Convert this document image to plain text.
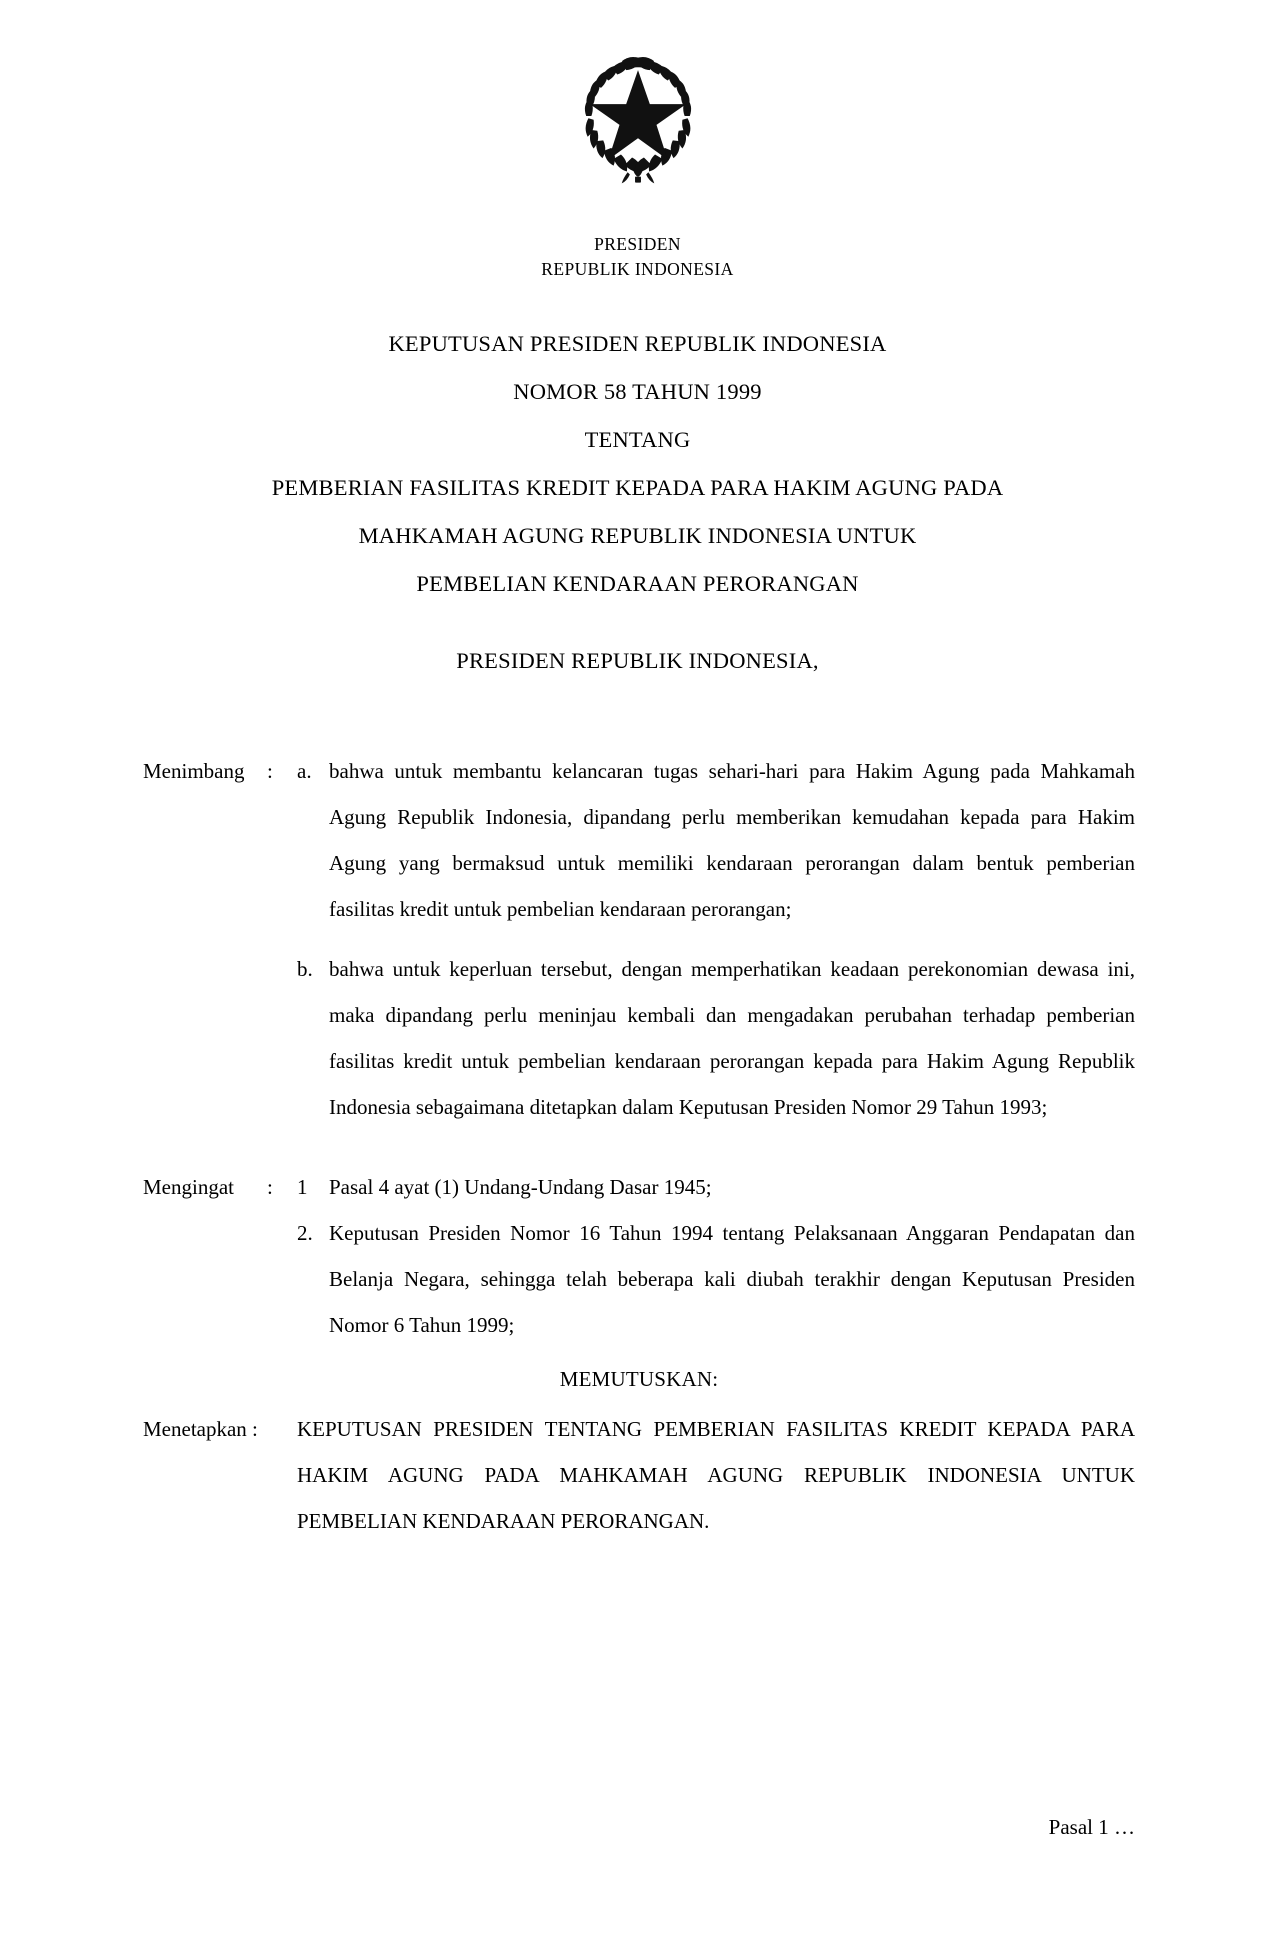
PRESIDEN
REPUBLIK INDONESIA
KEPUTUSAN PRESIDEN REPUBLIK INDONESIA
NOMOR 58 TAHUN 1999
TENTANG
PEMBERIAN FASILITAS KREDIT KEPADA PARA HAKIM AGUNG PADA
MAHKAMAH AGUNG REPUBLIK INDONESIA UNTUK
PEMBELIAN KENDARAAN PERORANGAN
PRESIDEN REPUBLIK INDONESIA,
Menimbang	:	a. bahwa untuk membantu kelancaran tugas sehari-hari para Hakim Agung pada Mahkamah Agung Republik Indonesia, dipandang perlu memberikan kemudahan kepada para Hakim Agung yang bermaksud untuk memiliki kendaraan perorangan dalam bentuk pemberian fasilitas kredit untuk pembelian kendaraan perorangan;
b. bahwa untuk keperluan tersebut, dengan memperhatikan keadaan perekonomian dewasa ini, maka dipandang perlu meninjau kembali dan mengadakan perubahan terhadap pemberian fasilitas kredit untuk pembelian kendaraan perorangan kepada para Hakim Agung Republik Indonesia sebagaimana ditetapkan dalam Keputusan Presiden Nomor 29 Tahun 1993;
Mengingat	:	1	Pasal 4 ayat (1) Undang-Undang Dasar 1945;
2. Keputusan Presiden Nomor 16 Tahun 1994 tentang Pelaksanaan Anggaran Pendapatan dan Belanja Negara, sehingga telah beberapa kali diubah terakhir dengan Keputusan Presiden Nomor 6 Tahun 1999;
MEMUTUSKAN:
Menetapkan :	KEPUTUSAN PRESIDEN TENTANG PEMBERIAN FASILITAS KREDIT KEPADA PARA HAKIM AGUNG PADA MAHKAMAH AGUNG REPUBLIK INDONESIA UNTUK PEMBELIAN KENDARAAN PERORANGAN.
Pasal 1 …
